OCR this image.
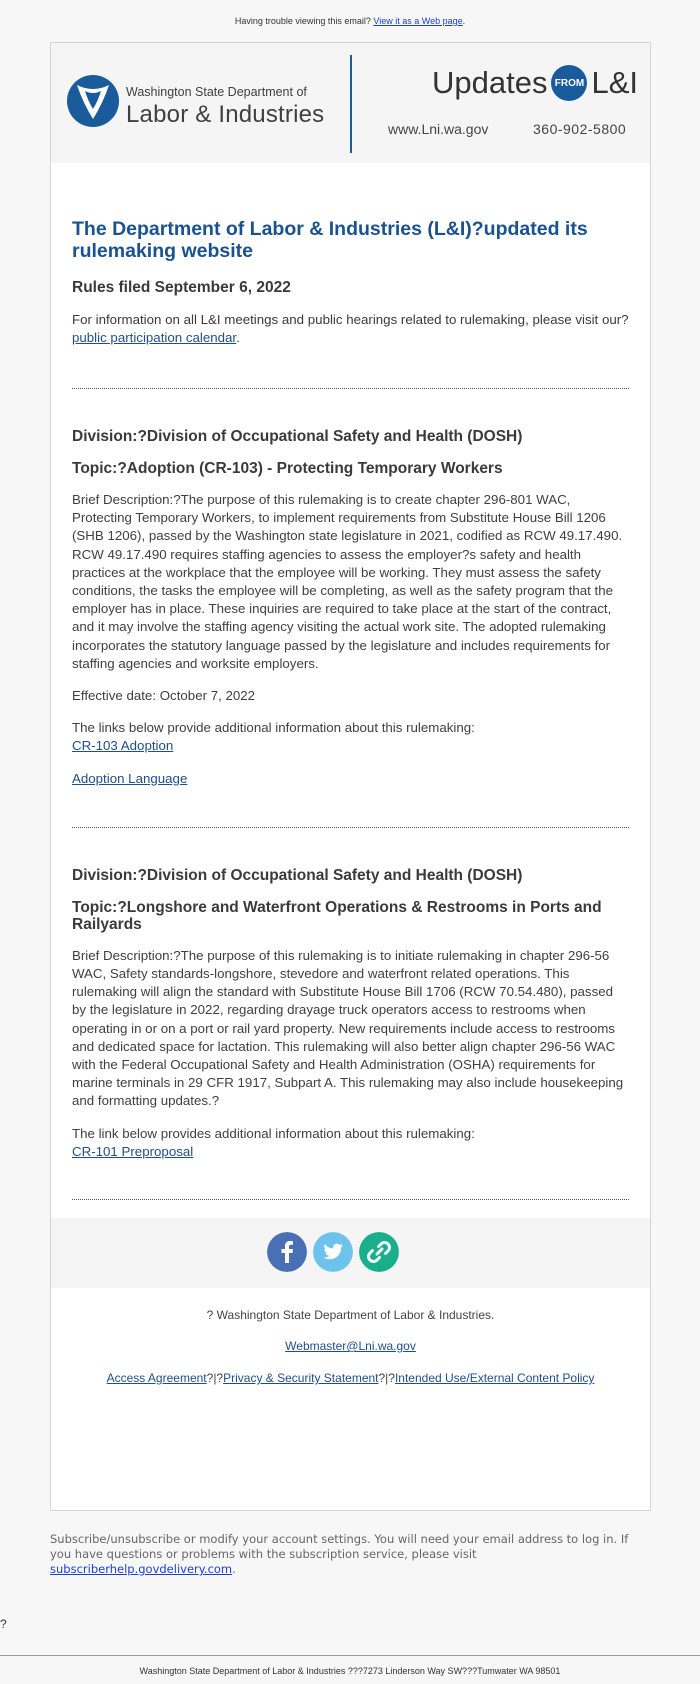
Having trouble viewing this email? View it as a Web page.
Washington State Department of
Labor & Industries
Updates FROM L&I
www.Lni.wa.gov	360-902-5800
The Department of Labor & Industries (L&I)?updated its rulemaking website
Rules filed September 6, 2022

For information on all L&I meetings and public hearings related to rulemaking, please visit our?public participation calendar.

Division:?Division of Occupational Safety and Health (DOSH)
Topic:?Adoption (CR-103) - Protecting Temporary Workers

Brief Description:?The purpose of this rulemaking is to create chapter 296-801 WAC, Protecting Temporary Workers, to implement requirements from Substitute House Bill 1206 (SHB 1206), passed by the Washington state legislature in 2021, codified as RCW 49.17.490. RCW 49.17.490 requires staffing agencies to assess the employer?s safety and health practices at the workplace that the employee will be working. They must assess the safety conditions, the tasks the employee will be completing, as well as the safety program that the employer has in place. These inquiries are required to take place at the start of the contract, and it may involve the staffing agency visiting the actual work site. The adopted rulemaking incorporates the statutory language passed by the legislature and includes requirements for staffing agencies and worksite employers.

Effective date: October 7, 2022

The links below provide additional information about this rulemaking:

CR-103 Adoption

Adoption Language

Division:?Division of Occupational Safety and Health (DOSH)
Topic:?Longshore and Waterfront Operations & Restrooms in Ports and Railyards

Brief Description:?The purpose of this rulemaking is to initiate rulemaking in chapter 296-56 WAC, Safety standards-longshore, stevedore and waterfront related operations. This rulemaking will align the standard with Substitute House Bill 1706 (RCW 70.54.480), passed by the legislature in 2022, regarding drayage truck operators access to restrooms when operating in or on a port or rail yard property. New requirements include access to restrooms and dedicated space for lactation. This rulemaking will also better align chapter 296-56 WAC with the Federal Occupational Safety and Health Administration (OSHA) requirements for marine terminals in 29 CFR 1917, Subpart A. This rulemaking may also include housekeeping and formatting updates.?

The link below provides additional information about this rulemaking:

CR-101 Preproposal

? Washington State Department of Labor & Industries.
Webmaster@Lni.wa.gov
Access Agreement?|?Privacy & Security Statement?|?Intended Use/External Content Policy
Subscribe/unsubscribe or modify your account settings. You will need your email address to log in. If you have questions or problems with the subscription service, please visit subscriberhelp.govdelivery.com.
?
Washington State Department of Labor & Industries ???7273 Linderson Way SW???Tumwater WA 98501
